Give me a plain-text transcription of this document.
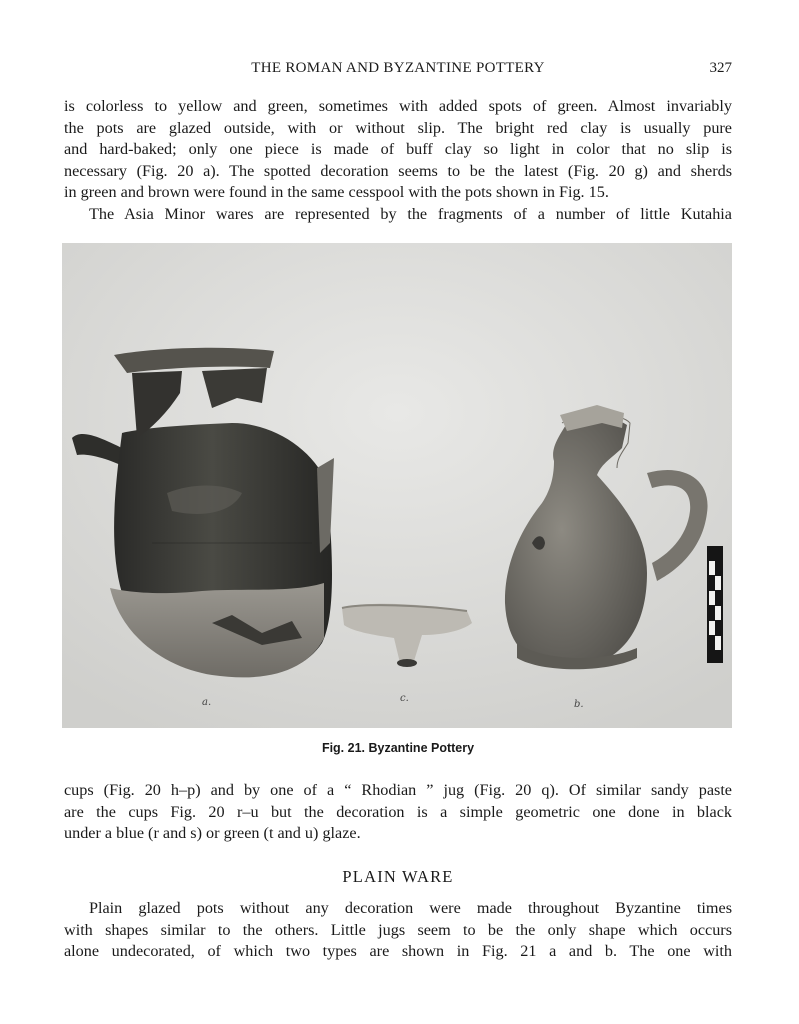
THE ROMAN AND BYZANTINE POTTERY	327
is colorless to yellow and green, sometimes with added spots of green. Almost invariably
the pots are glazed outside, with or without slip. The bright red clay is usually pure
and hard-baked; only one piece is made of buff clay so light in color that no slip is
necessary (Fig. 20 a). The spotted decoration seems to be the latest (Fig. 20 g) and sherds
in green and brown were found in the same cesspool with the pots shown in Fig. 15.
The Asia Minor wares are represented by the fragments of a number of little Kutahia
a.	c.
b.
Fig. 21. Byzantine Pottery
cups (Fig. 20 h–p) and by one of a “ Rhodian ” jug (Fig. 20 q). Of similar sandy paste
are the cups Fig. 20 r–u but the decoration is a simple geometric one done in black
under a blue (r and s) or green (t and u) glaze.
PLAIN WARE
Plain glazed pots without any decoration were made throughout Byzantine times
with shapes similar to the others. Little jugs seem to be the only shape which occurs
alone undecorated, of which two types are shown in Fig. 21 a and b. The one with
